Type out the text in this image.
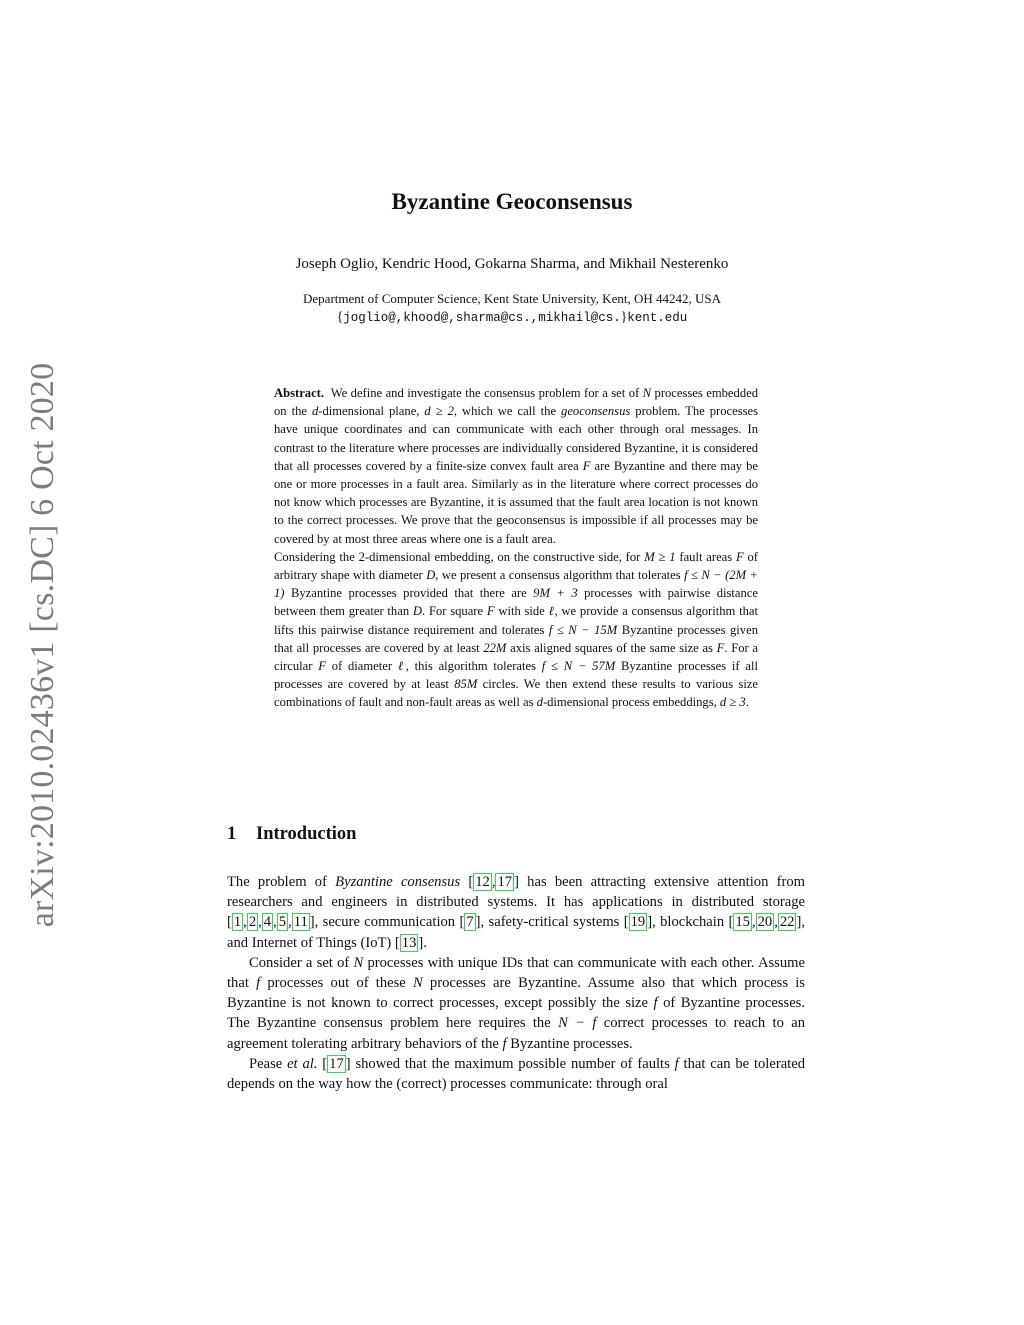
arXiv:2010.02436v1 [cs.DC] 6 Oct 2020
Byzantine Geoconsensus
Joseph Oglio, Kendric Hood, Gokarna Sharma, and Mikhail Nesterenko
Department of Computer Science, Kent State University, Kent, OH 44242, USA
{joglio@,khood@,sharma@cs.,mikhail@cs.}kent.edu

Abstract. We define and investigate the consensus problem for a set of N processes embedded on the d-dimensional plane, d ≥ 2, which we call the geoconsensus problem. The processes have unique coordinates and can communicate with each other through oral messages. In contrast to the literature where processes are individually considered Byzantine, it is considered that all processes covered by a finite-size convex fault area F are Byzantine and there may be one or more processes in a fault area. Similarly as in the literature where correct processes do not know which processes are Byzantine, it is assumed that the fault area location is not known to the correct processes. We prove that the geoconsensus is impossible if all processes may be covered by at most three areas where one is a fault area.

Considering the 2-dimensional embedding, on the constructive side, for M ≥ 1 fault areas F of arbitrary shape with diameter D, we present a consensus algorithm that tolerates f ≤ N − (2M + 1) Byzantine processes provided that there are 9M + 3 processes with pairwise distance between them greater than D. For square F with side ℓ, we provide a consensus algorithm that lifts this pairwise distance requirement and tolerates f ≤ N − 15M Byzantine processes given that all processes are covered by at least 22M axis aligned squares of the same size as F. For a circular F of diameter ℓ, this algorithm tolerates f ≤ N − 57M Byzantine processes if all processes are covered by at least 85M circles. We then extend these results to various size combinations of fault and non-fault areas as well as d-dimensional process embeddings, d ≥ 3.

1 Introduction

The problem of Byzantine consensus [ 12 , 17 ] has been attracting extensive attention from researchers and engineers in distributed systems. It has applications in distributed storage [ 1 , 2 , 4 , 5 , 11 ], secure communication [ 7 ], safety-critical systems [ 19 ], blockchain [ 15 , 20 , 22 ], and Internet of Things (IoT) [ 13 ].

Consider a set of N processes with unique IDs that can communicate with each other. Assume that f processes out of these N processes are Byzantine. Assume also that which process is Byzantine is not known to correct processes, except possibly the size f of Byzantine processes. The Byzantine consensus problem here requires the N − f correct processes to reach to an agreement tolerating arbitrary behaviors of the f Byzantine processes.

Pease et al. [ 17 ] showed that the maximum possible number of faults f that can be tolerated depends on the way how the (correct) processes communicate: through oral
